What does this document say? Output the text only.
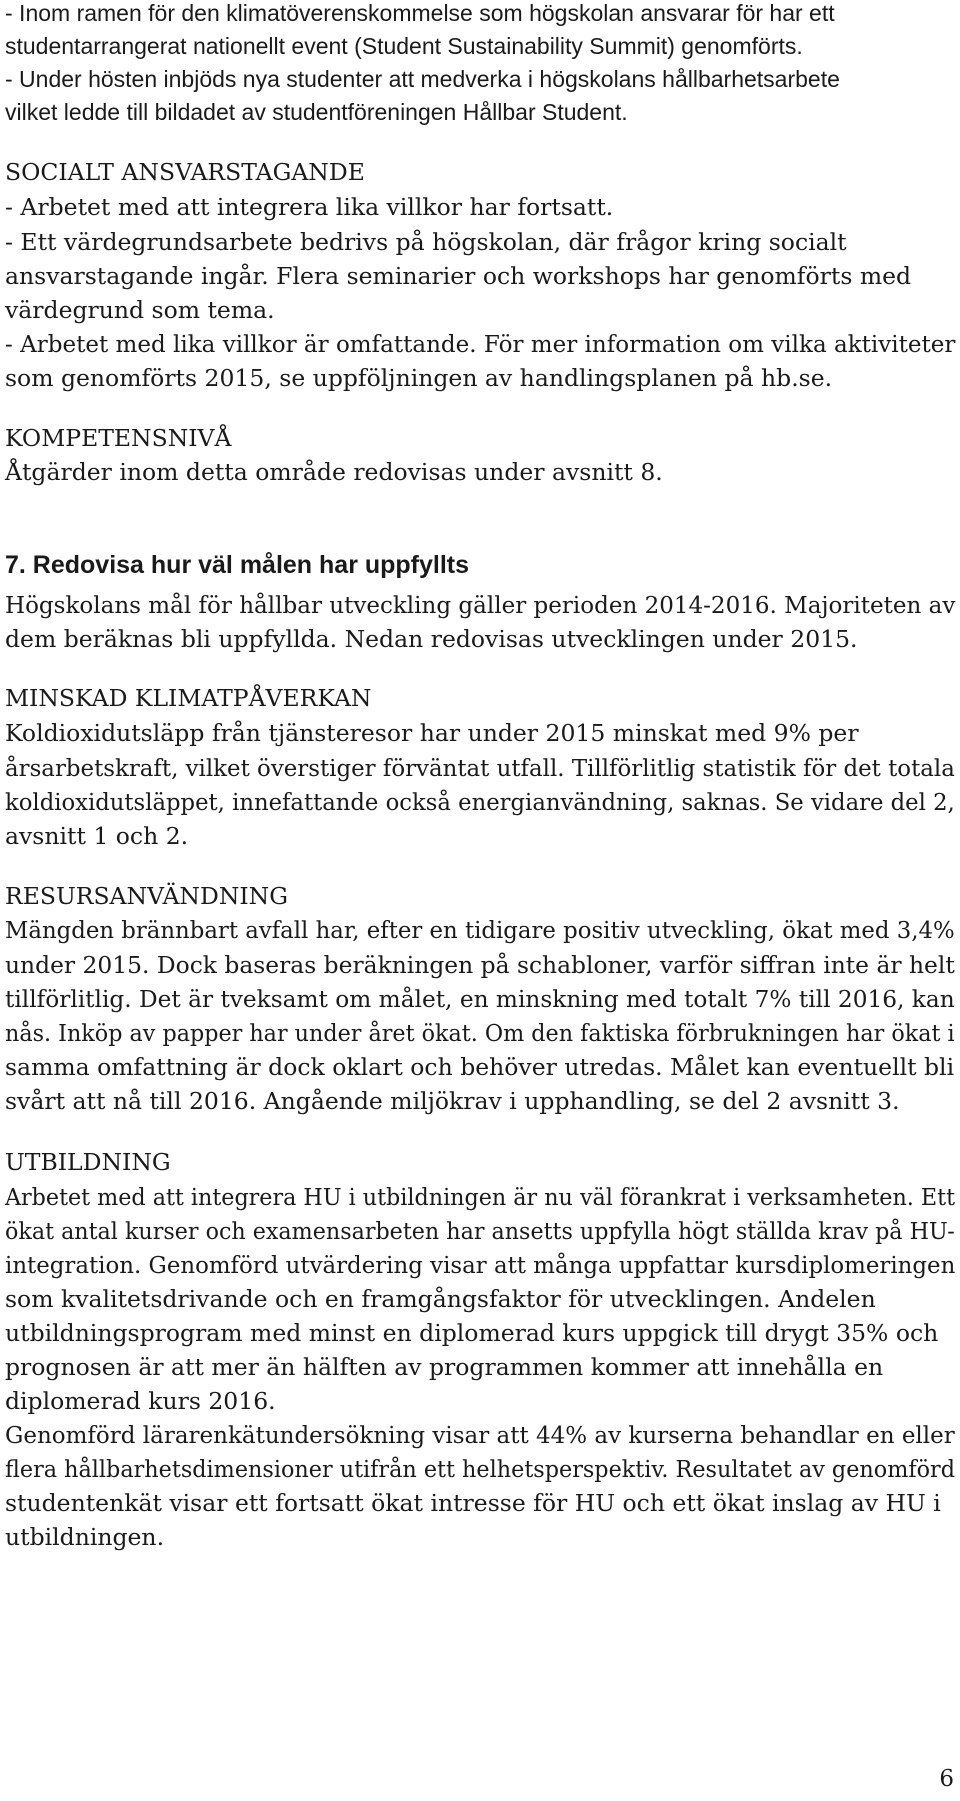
- Inom ramen för den klimatöverenskommelse som högskolan ansvarar för har ett
studentarrangerat nationellt event (Student Sustainability Summit) genomförts.
- Under hösten inbjöds nya studenter att medverka i högskolans hållbarhetsarbete
vilket ledde till bildadet av studentföreningen Hållbar Student.
SOCIALT ANSVARSTAGANDE
- Arbetet med att integrera lika villkor har fortsatt.
- Ett värdegrundsarbete bedrivs på högskolan, där frågor kring socialt
ansvarstagande ingår. Flera seminarier och workshops har genomförts med
värdegrund som tema.
- Arbetet med lika villkor är omfattande. För mer information om vilka aktiviteter
som genomförts 2015, se uppföljningen av handlingsplanen på hb.se.
KOMPETENSNIVÅ
Åtgärder inom detta område redovisas under avsnitt 8.
7. Redovisa hur väl målen har uppfyllts
Högskolans mål för hållbar utveckling gäller perioden 2014-2016. Majoriteten av
dem beräknas bli uppfyllda. Nedan redovisas utvecklingen under 2015.
MINSKAD KLIMATPÅVERKAN
Koldioxidutsläpp från tjänsteresor har under 2015 minskat med 9% per
årsarbetskraft, vilket överstiger förväntat utfall. Tillförlitlig statistik för det totala
koldioxidutsläppet, innefattande också energianvändning, saknas. Se vidare del 2,
avsnitt 1 och 2.
RESURSANVÄNDNING
Mängden brännbart avfall har, efter en tidigare positiv utveckling, ökat med 3,4%
under 2015. Dock baseras beräkningen på schabloner, varför siffran inte är helt
tillförlitlig. Det är tveksamt om målet, en minskning med totalt 7% till 2016, kan
nås. Inköp av papper har under året ökat. Om den faktiska förbrukningen har ökat i
samma omfattning är dock oklart och behöver utredas. Målet kan eventuellt bli
svårt att nå till 2016. Angående miljökrav i upphandling, se del 2 avsnitt 3.
UTBILDNING
Arbetet med att integrera HU i utbildningen är nu väl förankrat i verksamheten. Ett
ökat antal kurser och examensarbeten har ansetts uppfylla högt ställda krav på HU-
integration. Genomförd utvärdering visar att många uppfattar kursdiplomeringen
som kvalitetsdrivande och en framgångsfaktor för utvecklingen. Andelen
utbildningsprogram med minst en diplomerad kurs uppgick till drygt 35% och
prognosen är att mer än hälften av programmen kommer att innehålla en
diplomerad kurs 2016.
Genomförd lärarenkätundersökning visar att 44% av kurserna behandlar en eller
flera hållbarhetsdimensioner utifrån ett helhetsperspektiv. Resultatet av genomförd
studentenkät visar ett fortsatt ökat intresse för HU och ett ökat inslag av HU i
utbildningen.
6
